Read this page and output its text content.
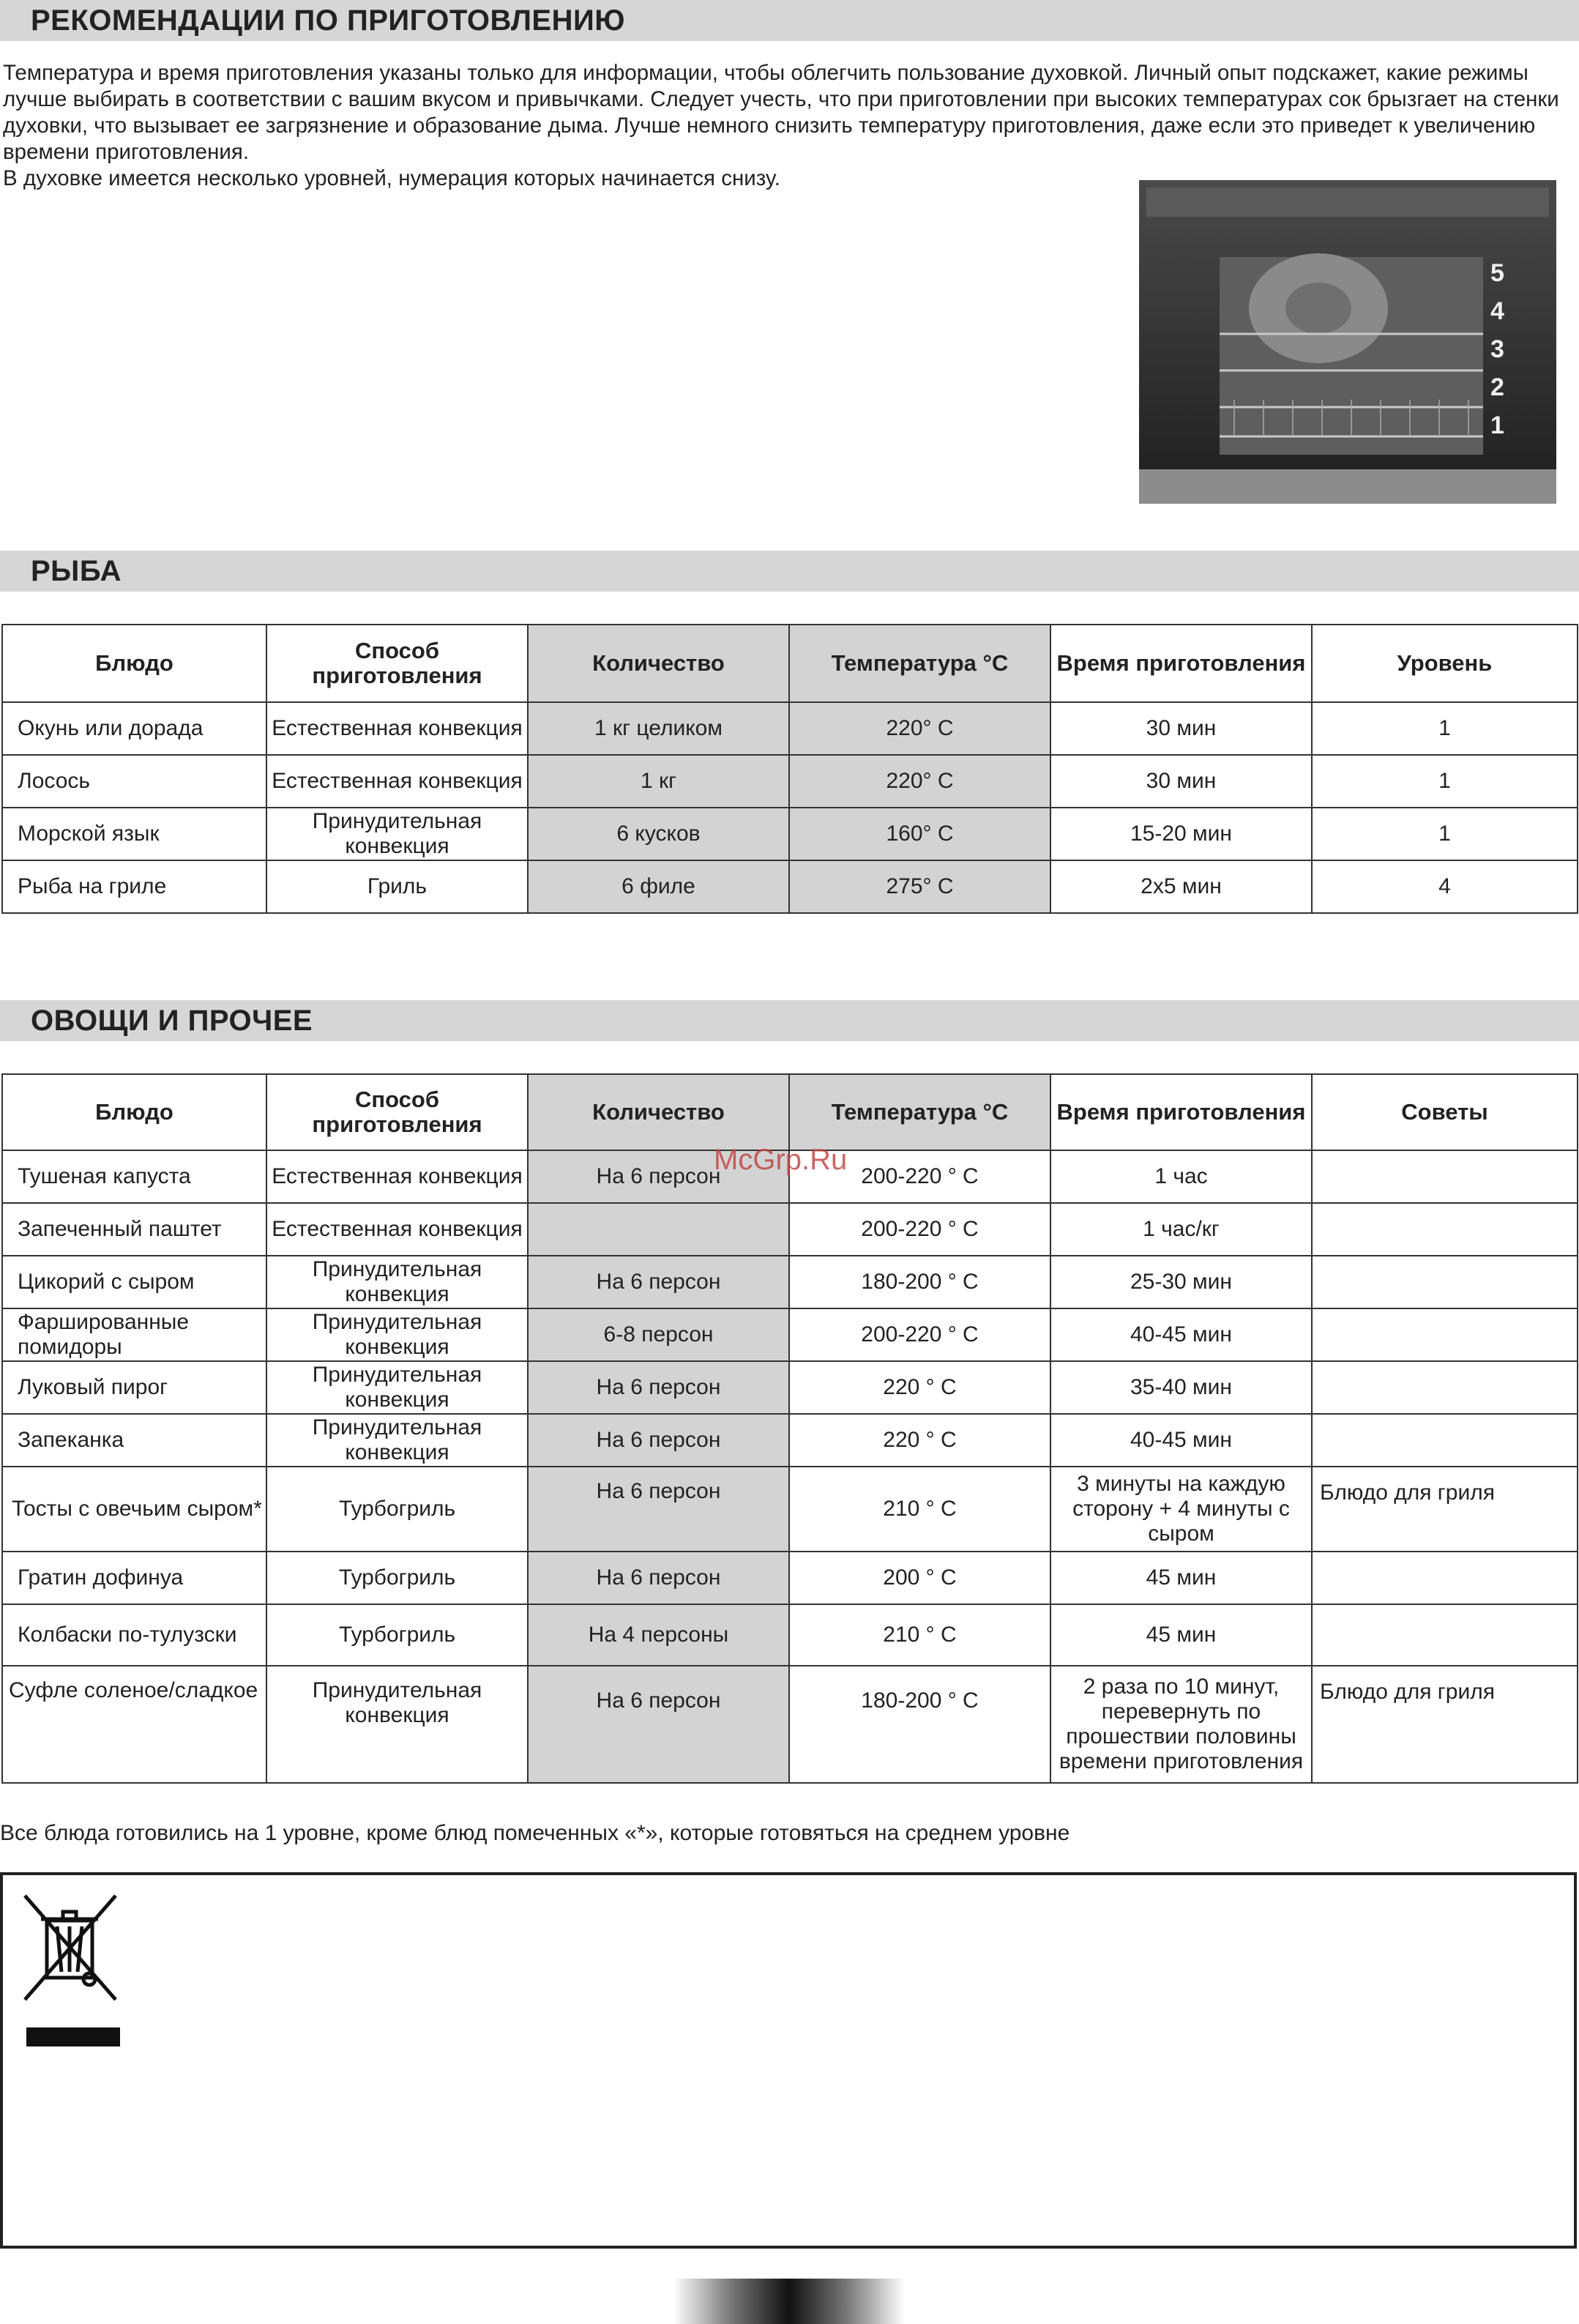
РЕКОМЕНДАЦИИ ПО ПРИГОТОВЛЕНИЮ

Температура и время приготовления указаны только для информации, чтобы облегчить пользование духовкой. Личный опыт подскажет, какие режимы лучше выбирать в соответствии с вашим вкусом и привычками. Следует учесть, что при приготовлении при высоких температурах сок брызгает на стенки духовки, что вызывает ее загрязнение и образование дыма. Лучше немного снизить температуру приготовления, даже если это приведет к увеличению времени приготовления.

В духовке имеется несколько уровней, нумерация которых начинается снизу.

5
4
3
2
1
РЫБА
Блюдо	Способ приготовления	Количество	Температура °C	Время приготовления	Уровень
Окунь или дорада	Естественная конвекция	1 кг целиком	220° C	30 мин	1
Лосось	Естественная конвекция	1 кг	220° C	30 мин	1
Морской язык	Принудительная конвекция	6 кусков	160° C	15-20 мин	1
Рыба на гриле	Гриль	6 филе	275° C	2x5 мин	4
ОВОЩИ И ПРОЧЕЕ
Блюдо	Способ приготовления	Количество	Температура °C	Время приготовления	Советы
Тушеная капуста	Естественная конвекция	На 6 персон	200-220 ° C	1 час	
Запеченный паштет	Естественная конвекция		200-220 ° C	1 час/кг	
Цикорий с сыром	Принудительная конвекция	На 6 персон	180-200 ° C	25-30 мин	
Фаршированные помидоры	Принудительная конвекция	6-8 персон	200-220 ° C	40-45 мин	
Луковый пирог	Принудительная конвекция	На 6 персон	220 ° C	35-40 мин	
Запеканка	Принудительная конвекция	На 6 персон	220 ° C	40-45 мин	
Тосты с овечьим сыром*	Турбогриль	На 6 персон	210 ° C	3 минуты на каждую сторону + 4 минуты с сыром	Блюдо для гриля
Гратин дофинуа	Турбогриль	На 6 персон	200 ° C	45 мин	
Колбаски по-тулузски	Турбогриль	На 4 персоны	210 ° C	45 мин	
Суфле соленое/сладкое	Принудительная конвекция	На 6 персон	180-200 ° C	2 раза по 10 минут, перевернуть по прошествии половины времени приготовления	Блюдо для гриля
McGrp.Ru
Все блюда готовились на 1 уровне, кроме блюд помеченных «*», которые готовяться на среднем уровне
